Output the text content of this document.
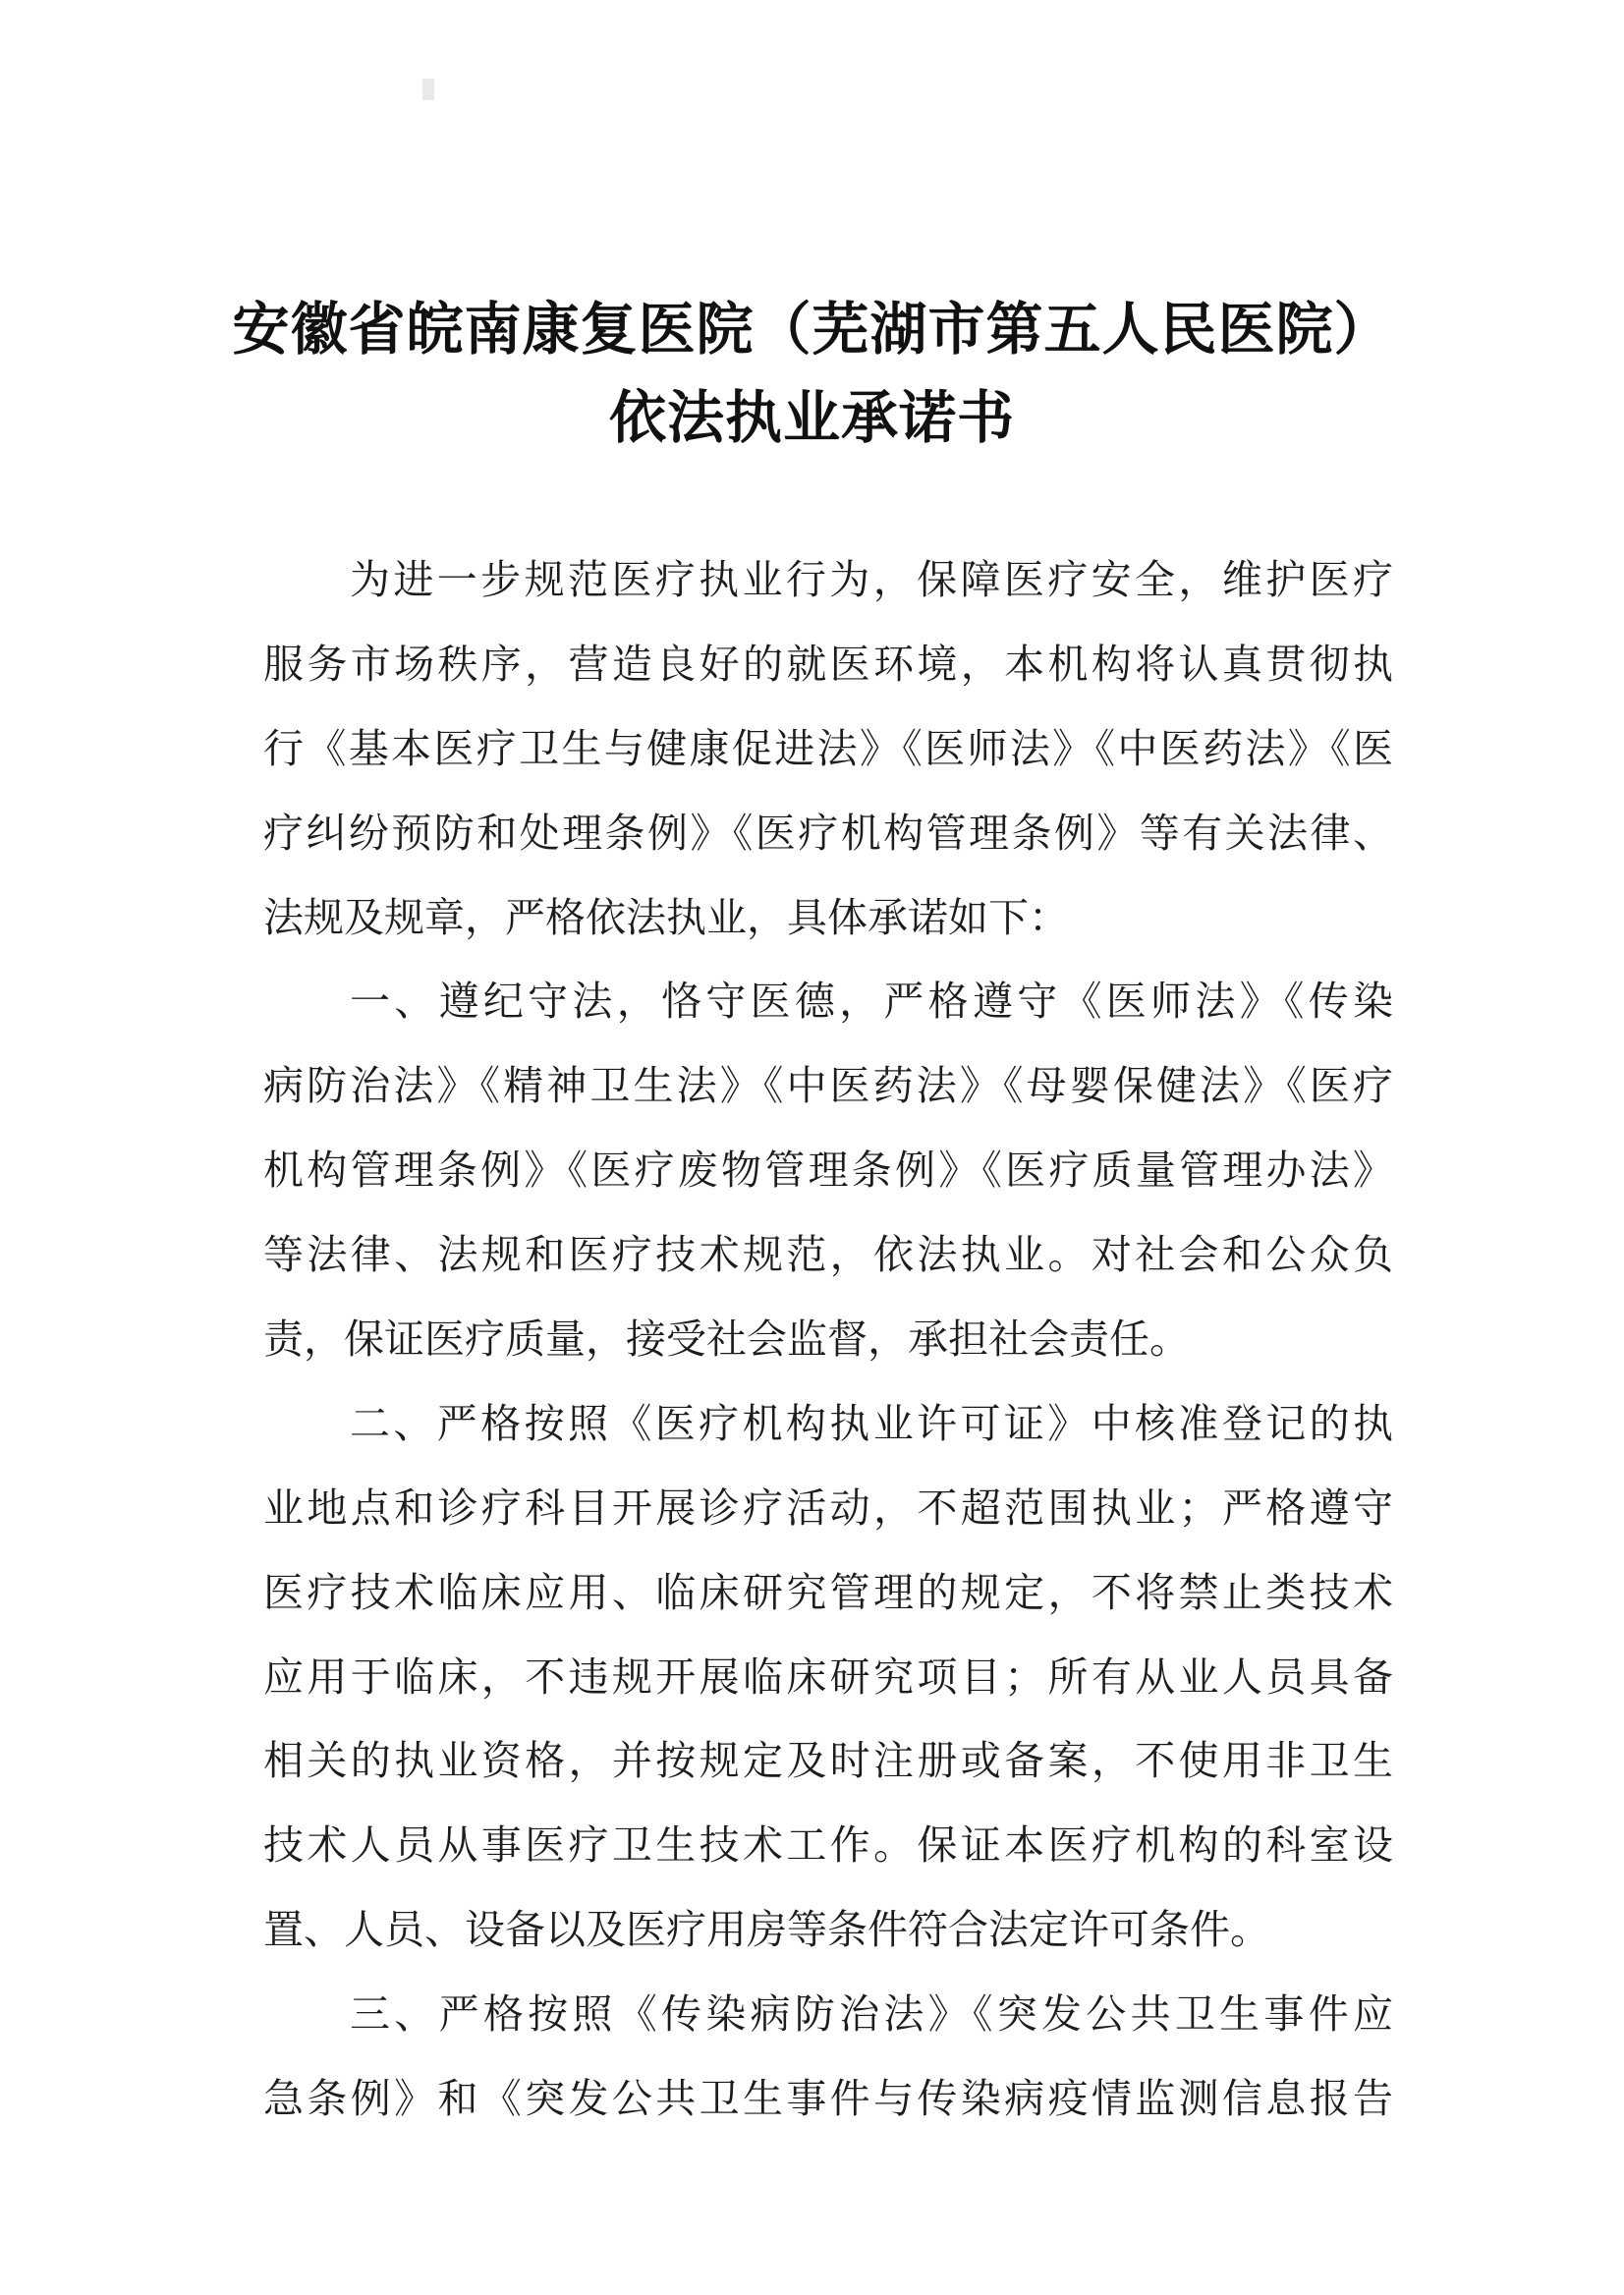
安徽省皖南康复医院（芜湖市第五人民医院）
依法执业承诺书
为进一步规范医疗执业行为，保障医疗安全，维护医疗
服务市场秩序，营造良好的就医环境，本机构将认真贯彻执
行《基本医疗卫生与健康促进法》《医师法》《中医药法》《医
疗纠纷预防和处理条例》《医疗机构管理条例》等有关法律、
法规及规章，严格依法执业，具体承诺如下：
一、遵纪守法，恪守医德，严格遵守《医师法》《传染
病防治法》《精神卫生法》《中医药法》《母婴保健法》《医疗
机构管理条例》《医疗废物管理条例》《医疗质量管理办法》
等法律、法规和医疗技术规范，依法执业。对社会和公众负
责，保证医疗质量，接受社会监督，承担社会责任。
二、严格按照《医疗机构执业许可证》中核准登记的执
业地点和诊疗科目开展诊疗活动，不超范围执业；严格遵守
医疗技术临床应用、临床研究管理的规定，不将禁止类技术
应用于临床，不违规开展临床研究项目；所有从业人员具备
相关的执业资格，并按规定及时注册或备案，不使用非卫生
技术人员从事医疗卫生技术工作。保证本医疗机构的科室设
置、人员、设备以及医疗用房等条件符合法定许可条件。
三、严格按照《传染病防治法》《突发公共卫生事件应
急条例》和《突发公共卫生事件与传染病疫情监测信息报告
